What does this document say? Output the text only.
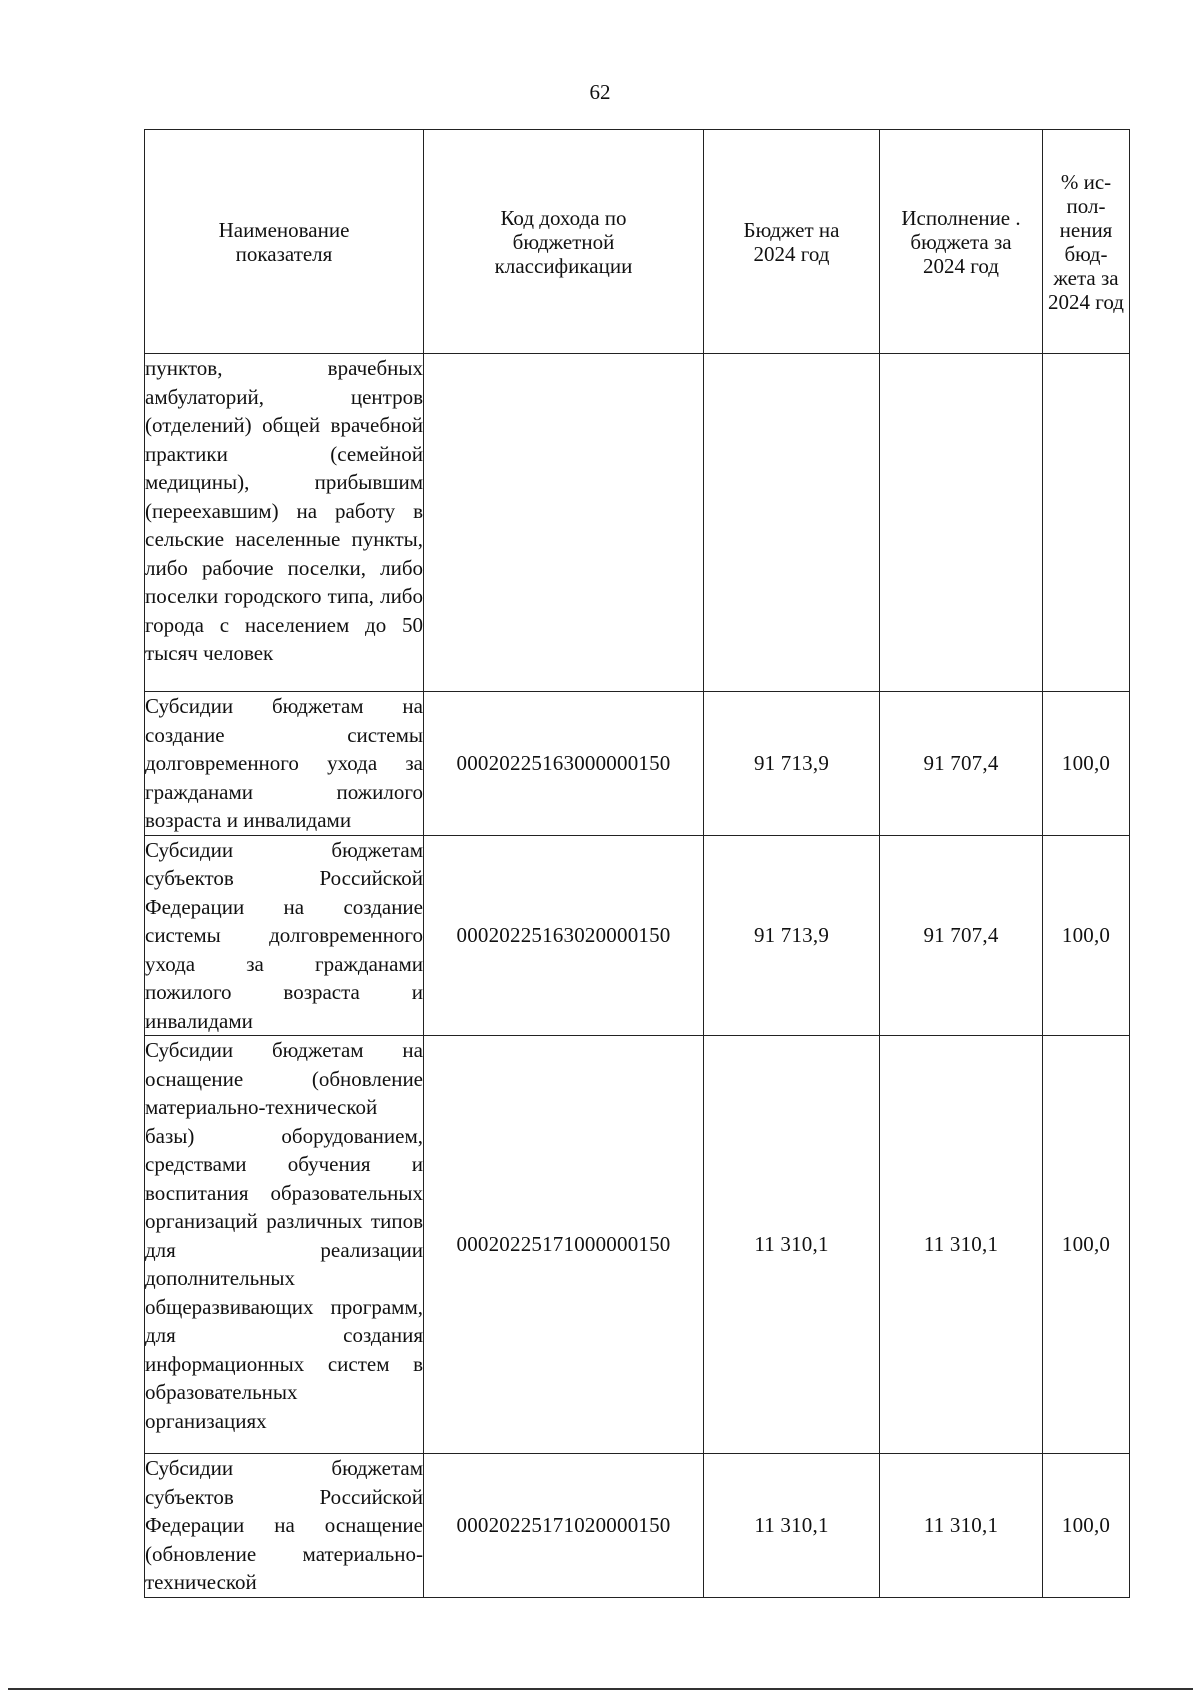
62
Наименование показателя	Код дохода по бюджетной классификации	Бюджет на 2024 год	Исполнение . бюджета за 2024 год	% ис- пол- нения бюд- жета за 2024 год
пунктов, врачебных амбулаторий, центров (отделений) общей врачебной практики (семейной медицины), прибывшим (переехавшим) на работу в сельские населенные пункты, либо рабочие поселки, либо поселки городского типа, либо города с населением до 50 тысяч человек				
Субсидии бюджетам на создание системы долговременного ухода за гражданами пожилого возраста и инвалидами	00020225163000000150	91 713,9	91 707,4	100,0
Субсидии бюджетам субъектов Российской Федерации на создание системы долговременного ухода за гражданами пожилого возраста и инвалидами	00020225163020000150	91 713,9	91 707,4	100,0
Субсидии бюджетам на оснащение (обновление материально-технической базы) оборудованием, средствами обучения и воспитания образовательных организаций различных типов для реализации дополнительных общеразвивающих программ, для создания информационных систем в образовательных организациях	00020225171000000150	11 310,1	11 310,1	100,0
Субсидии бюджетам субъектов Российской Федерации на оснащение (обновление материально-технической	00020225171020000150	11 310,1	11 310,1	100,0
